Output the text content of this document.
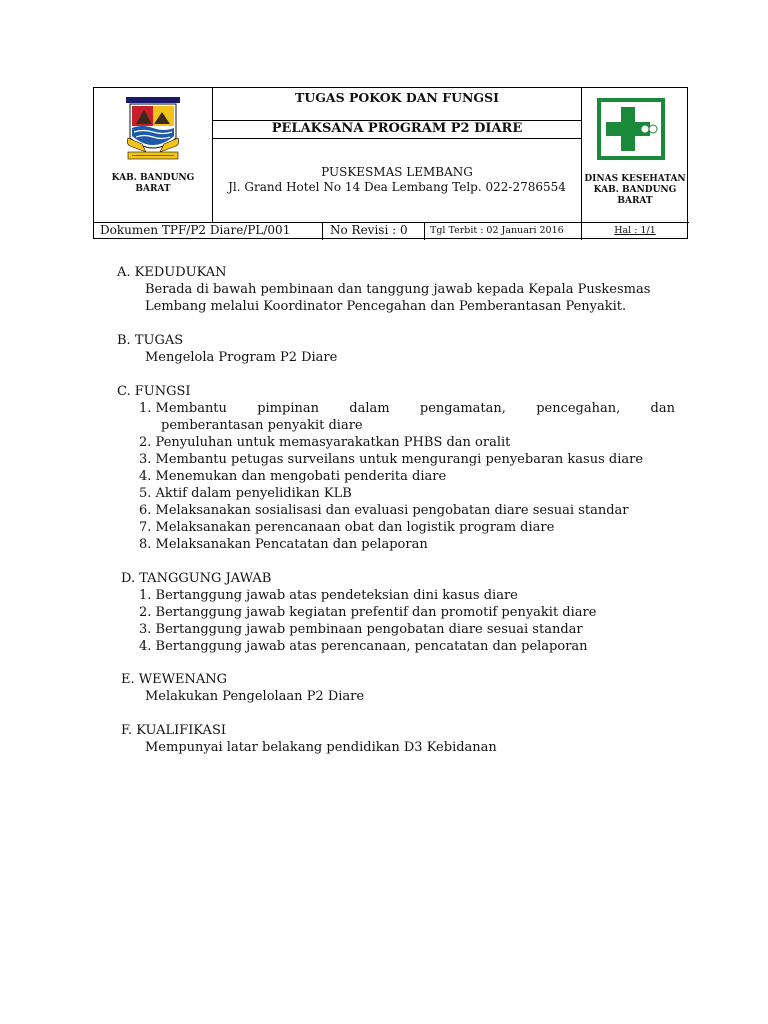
KAB. BANDUNG BARAT
TUGAS POKOK DAN FUNGSI
PELAKSANA PROGRAM P2 DIARE
PUSKESMAS LEMBANG
Jl. Grand Hotel No 14 Dea Lembang Telp. 022-2786554
DINAS KESEHATAN KAB. BANDUNG BARAT
Dokumen TPF/P2 Diare/PL/001	No Revisi : 0 Tgl Terbit : 02 Januari 2016	Hal : 1/1
A. KEDUDUKAN
Berada di bawah pembinaan dan tanggung jawab kepada Kepala Puskesmas
Lembang melalui Koordinator Pencegahan dan Pemberantasan Penyakit.
B. TUGAS
Mengelola Program P2 Diare
C. FUNGSI
1. Membantu pimpinan dalam pengamatan, pencegahan, dan
pemberantasan penyakit diare
2. Penyuluhan untuk memasyarakatkan PHBS dan oralit
3. Membantu petugas surveilans untuk mengurangi penyebaran kasus diare
4. Menemukan dan mengobati penderita diare
5. Aktif dalam penyelidikan KLB
6. Melaksanakan sosialisasi dan evaluasi pengobatan diare sesuai standar
7. Melaksanakan perencanaan obat dan logistik program diare
8. Melaksanakan Pencatatan dan pelaporan
D. TANGGUNG JAWAB
1. Bertanggung jawab atas pendeteksian dini kasus diare
2. Bertanggung jawab kegiatan prefentif dan promotif penyakit diare
3. Bertanggung jawab pembinaan pengobatan diare sesuai standar
4. Bertanggung jawab atas perencanaan, pencatatan dan pelaporan
E. WEWENANG
Melakukan Pengelolaan P2 Diare
F. KUALIFIKASI
Mempunyai latar belakang pendidikan D3 Kebidanan
